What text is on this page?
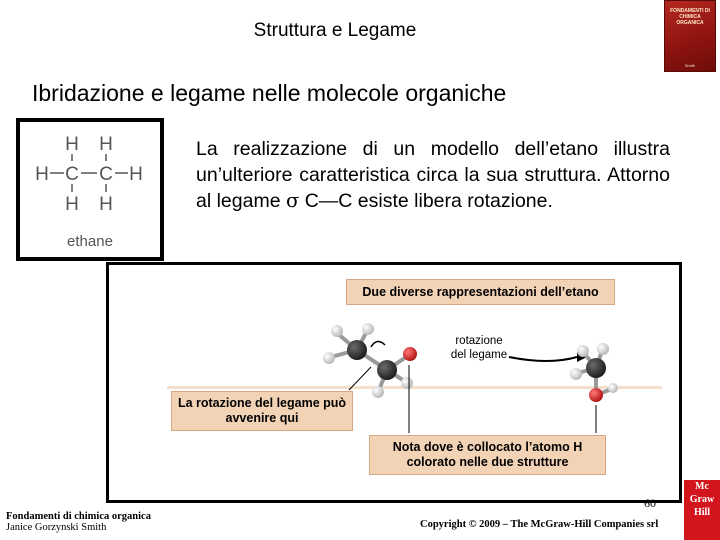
Struttura e Legame
FONDAMENTI DI CHIMICA ORGANICA
Smith
Ibridazione e legame nelle molecole organiche
H H
H C C H
H H
ethane
La realizzazione di un modello dell’etano illustra un’ulteriore caratteristica circa la sua struttura. Attorno al legame σ C—C esiste libera rotazione.
Due diverse rappresentazioni dell’etano

rotazione
del legame

La rotazione del legame può avvenire qui
Nota dove è collocato l’atomo H colorato nelle due strutture
60
Fondamenti di chimica organica
Janice Gorzynski Smith	Copyright © 2009 – The McGraw-Hill Companies srl
Mc
Graw
Hill
